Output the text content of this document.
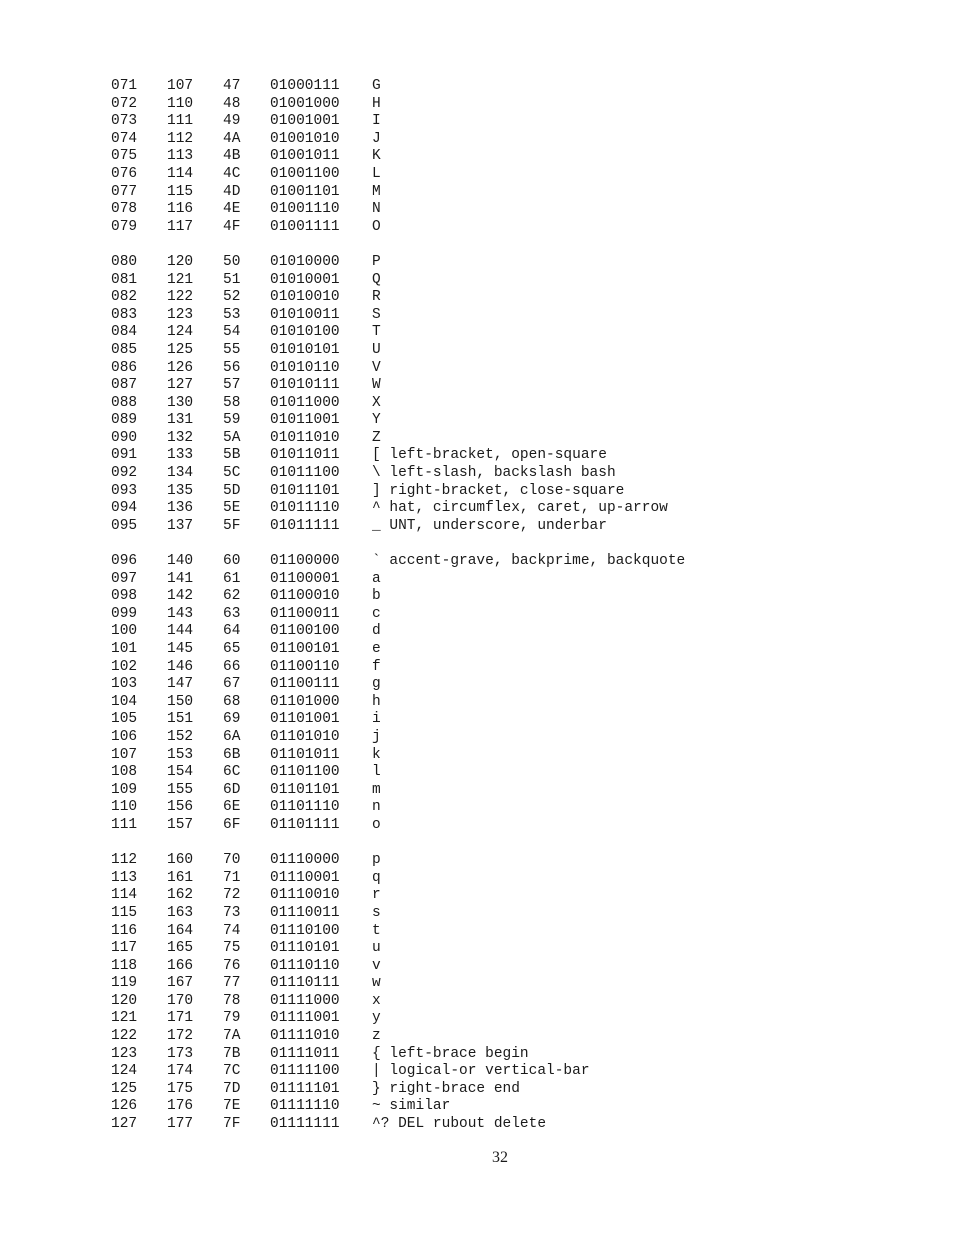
071	107	47	01000111	G
072	110	48	01001000	H
073	111	49	01001001	I
074	112	4A	01001010	J
075	113	4B	01001011	K
076	114	4C	01001100	L
077	115	4D	01001101	M
078	116	4E	01001110	N
079	117	4F	01001111	O
080	120	50	01010000	P
081	121	51	01010001	Q
082	122	52	01010010	R
083	123	53	01010011	S
084	124	54	01010100	T
085	125	55	01010101	U
086	126	56	01010110	V
087	127	57	01010111	W
088	130	58	01011000	X
089	131	59	01011001	Y
090	132	5A	01011010	Z
091	133	5B	01011011	[ left-bracket, open-square
092	134	5C	01011100	\ left-slash, backslash bash
093	135	5D	01011101	] right-bracket, close-square
094	136	5E	01011110	^ hat, circumflex, caret, up-arrow
095	137	5F	01011111	_ UNT, underscore, underbar
096	140	60	01100000	` accent-grave, backprime, backquote
097	141	61	01100001	a
098	142	62	01100010	b
099	143	63	01100011	c
100	144	64	01100100	d
101	145	65	01100101	e
102	146	66	01100110	f
103	147	67	01100111	g
104	150	68	01101000	h
105	151	69	01101001	i
106	152	6A	01101010	j
107	153	6B	01101011	k
108	154	6C	01101100	l
109	155	6D	01101101	m
110	156	6E	01101110	n
111	157	6F	01101111	o
112	160	70	01110000	p
113	161	71	01110001	q
114	162	72	01110010	r
115	163	73	01110011	s
116	164	74	01110100	t
117	165	75	01110101	u
118	166	76	01110110	v
119	167	77	01110111	w
120	170	78	01111000	x
121	171	79	01111001	y
122	172	7A	01111010	z
123	173	7B	01111011	{ left-brace begin
124	174	7C	01111100	| logical-or vertical-bar
125	175	7D	01111101	} right-brace end
126	176	7E	01111110	~ similar
127	177	7F	01111111	^? DEL rubout delete
32
